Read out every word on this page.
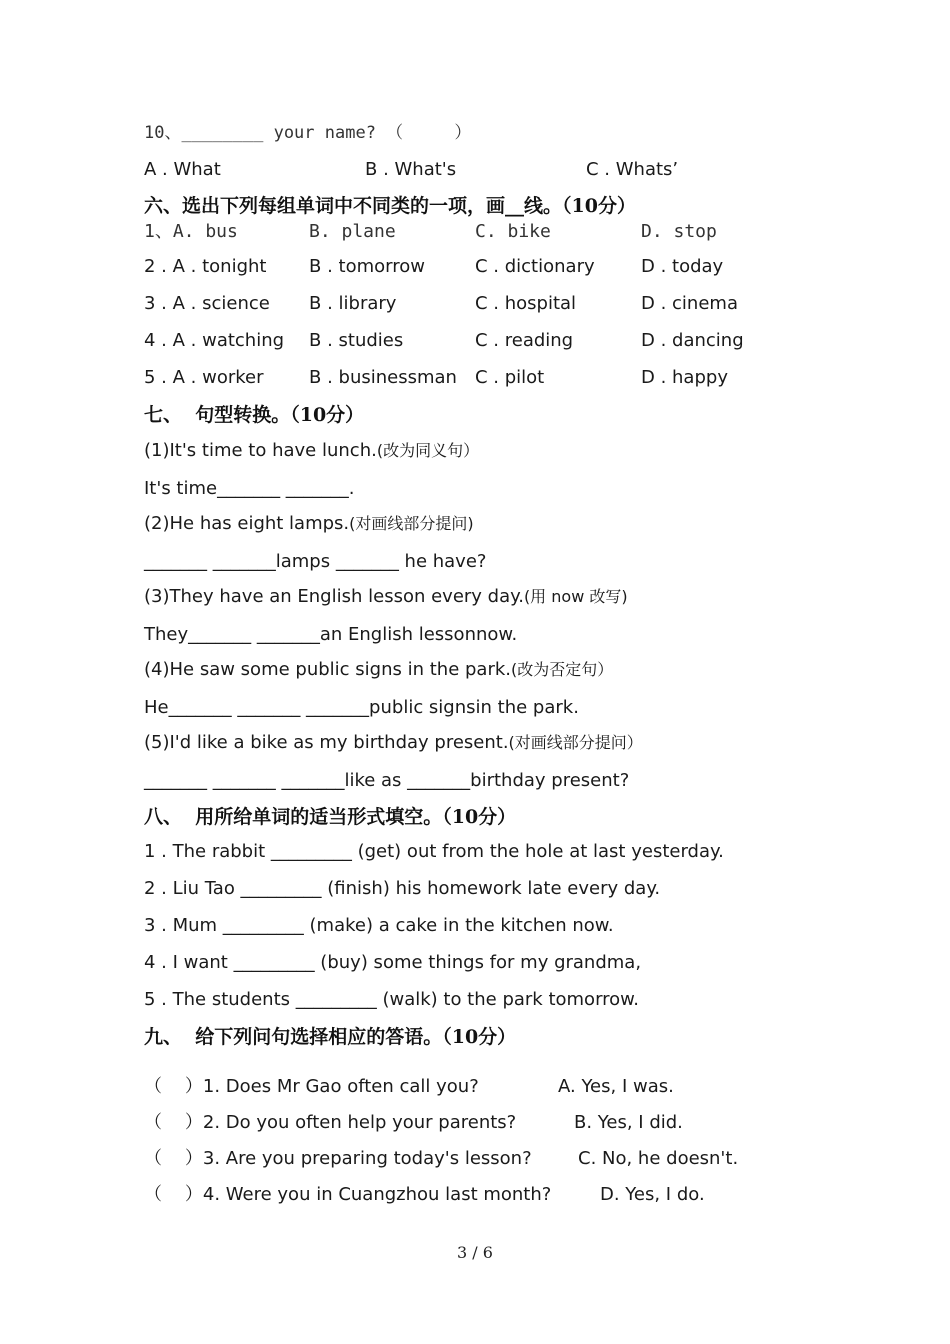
10、________ your name? （     ）
A . What	B . What's	C . Whats’
六、选出下列每组单词中不同类的一项，画__线。（10分）
1、A. bus	B. plane	C. bike	D. stop
2 . A . tonight B . tomorrow	C . dictionary	D . today
3 . A . science B . library	C . hospital	D . cinema
4 . A . watching B . studies	C . reading	D . dancing
5 . A . worker	B . businessman C . pilot	D . happy
七、  句型转换。（10分）
(1)It's time to have lunch.(改为同义句）
It's time_______ _______.
(2)He has eight lamps.(对画线部分提问)
_______ _______lamps _______ he have?
(3)They have an English lesson every day.(用 now 改写)
They_______ _______an English lessonnow.
(4)He saw some public signs in the park.(改为否定句）
He_______ _______ _______public signsin the park.
(5)I'd like a bike as my birthday present.(对画线部分提问）
_______ _______ _______like as _______birthday present?
八、  用所给单词的适当形式填空。（10分）
1 . The rabbit _________ (get) out from the hole at last yesterday.
2 . Liu Tao _________ (finish) his homework late every day.
3 . Mum _________ (make) a cake in the kitchen now.
4 . I want _________ (buy) some things for my grandma,
5 . The students _________ (walk) to the park tomorrow.
九、  给下列问句选择相应的答语。（10分）
（    ）1. Does Mr Gao often call you?	A. Yes, I was.
（    ）2. Do you often help your parents?	B. Yes, I did.
（    ）3. Are you preparing today's lesson?	C. No, he doesn't.
（    ）4. Were you in Cuangzhou last month?	D. Yes, I do.
3 / 6
